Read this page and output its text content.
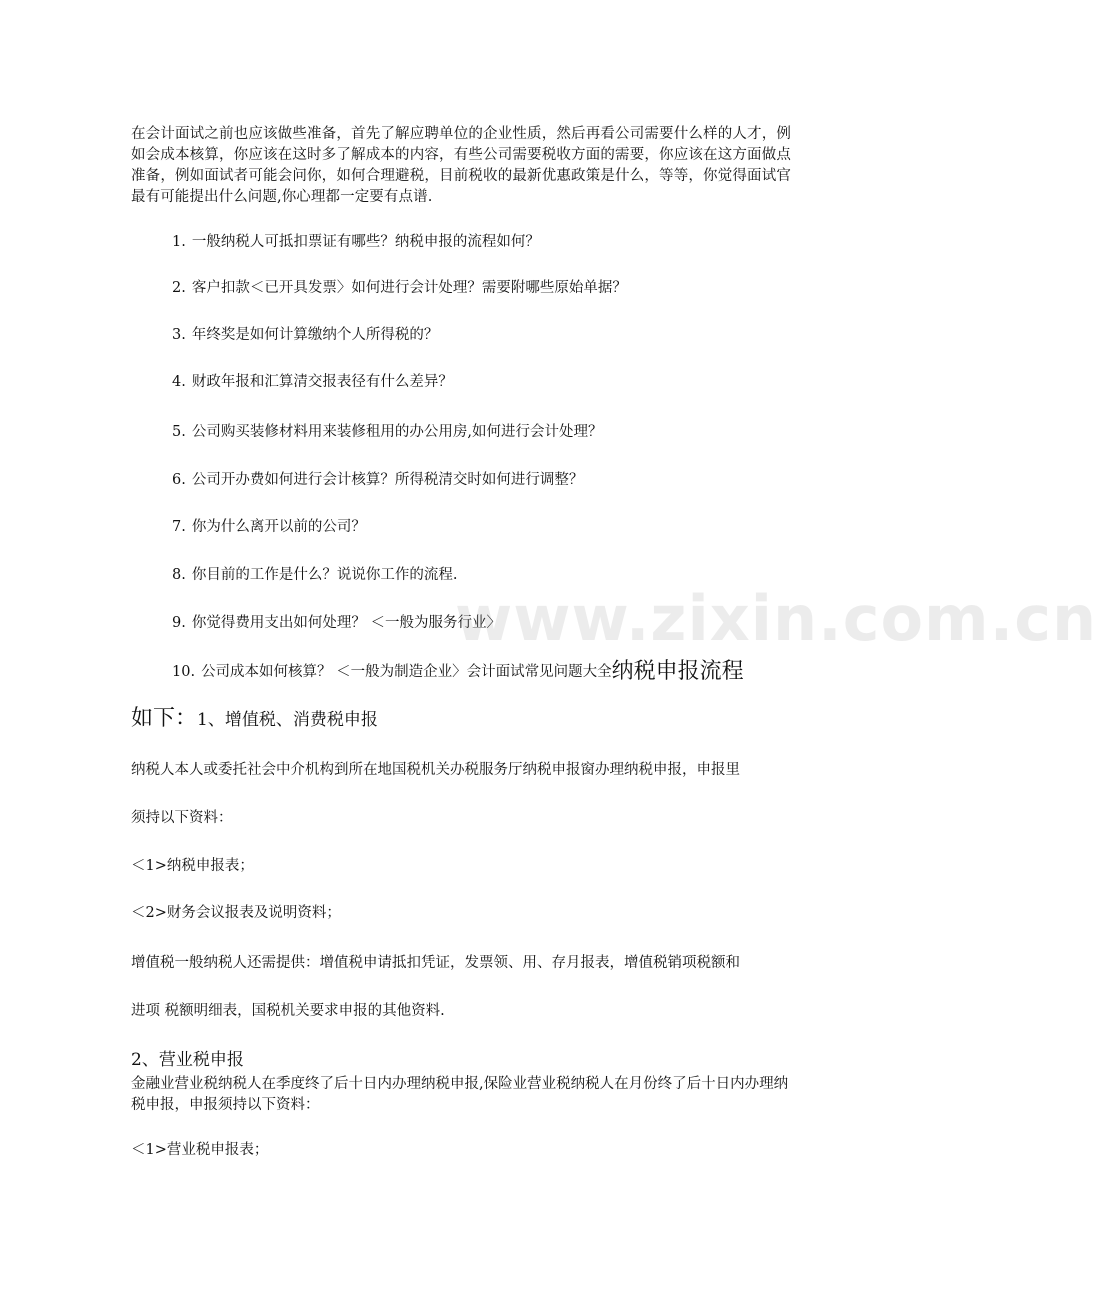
在会计面试之前也应该做些准备，首先了解应聘单位的企业性质，然后再看公司需要什么样的人才，例如会成本核算，你应该在这时多了解成本的内容，有些公司需要税收方面的需要，你应该在这方面做点准备，例如面试者可能会问你，如何合理避税，目前税收的最新优惠政策是什么，等等，你觉得面试官最有可能提出什么问题,你心理都一定要有点谱.

1. 一般纳税人可抵扣票证有哪些？纳税申报的流程如何？

2. 客户扣款＜已开具发票〉如何进行会计处理？需要附哪些原始单据？

3. 年终奖是如何计算缴纳个人所得税的？

4. 财政年报和汇算清交报表径有什么差异？

5. 公司购买装修材料用来装修租用的办公用房,如何进行会计处理？

6. 公司开办费如何进行会计核算？所得税清交时如何进行调整？

7. 你为什么离开以前的公司？

8. 你目前的工作是什么？说说你工作的流程.

9. 你觉得费用支出如何处理？ ＜一般为服务行业〉

10. 公司成本如何核算？ ＜一般为制造企业〉会计面试常见问题大全纳税申报流程

如下：1、增值税、消费税申报

纳税人本人或委托社会中介机构到所在地国税机关办税服务厅纳税申报窗办理纳税申报，申报里

须持以下资料：

＜1>纳税申报表；

＜2>财务会议报表及说明资料；

增值税一般纳税人还需提供：增值税申请抵扣凭证，发票领、用、存月报表，增值税销项税额和

进项 税额明细表，国税机关要求申报的其他资料.

2、营业税申报

金融业营业税纳税人在季度终了后十日内办理纳税申报,保险业营业税纳税人在月份终了后十日内办理纳税申报，申报须持以下资料：

＜1>营业税申报表；

www.zixin.com.cn
